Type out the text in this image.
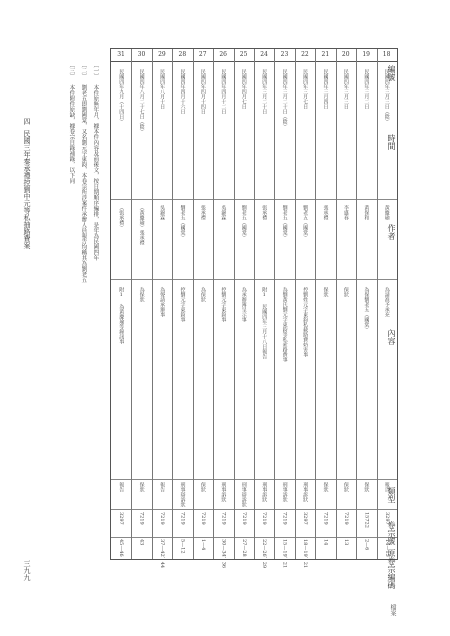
檔案
編號
時間
作者
內容
類型
卷宗號
原卷宗編碼
18
民國四年三月三日（陰）
黃慶瑜
為請准予承充
報告
3297
14—15
19
民國四年三月二日
黃保和
為保劉老五（國棠）
保狀
15722
2—6
20
民國四年三月三日
李盛春
保狀
保狀
7219
13
21
民國四年三月四日
張承禮
保狀
保狀
7219
14
22
民國四年三月七日
劉老五（國棠）
控劉姓元字東鈞私截路費妨害事
刑事訴狀
3297
18—19、21
23
民國四年三月二十日（陰）
劉老五（國棠）
為劉黃氏劉元字東鈞等私索路費事
刑事訴狀
7219
15—19、21
24
民國四年三月二十日
張承禮
附1 民國四年三月十八日報告
刑事訴狀
7219
22—26、29
25
民國四年四月七日
劉老五（國棠）
為承辦簿呈示事
刑事辯訴狀
7219
27—28
26
民國四年四月十二日
吳錦霖
控劉元字東鈞事
刑事訴狀
7219
30—34、36
27
民國四年四月十四日
張承禮
為保狀
保狀
7219
1—4
28
民國四年四月十六日
劉老五（國棠）
控劉元字東鈞事
刑事辯訴狀
7219
5—12
29
民國四年八月十日
吳錦霖
為聲請承辦事
報告
7219
37—42、44
30
民國四年八月二十七日（陰）
（黃慶瑜）張承禮
為保狀
保狀
7219
43
31
民國四年九月（十四日）
（張承禮）
附1 為黃慶瑜等錄訊事
報告
3297
45—46
〔一〕 本件原無年月，據本件內容及前後文，按日期順序編排，是年為民國四年
〔二〕 劉老五即劉國棠，又名劉元字東鈞，本卷宗所涉案件承辦人員報告均稱其為劉老五
〔三〕 本件附件原缺，據卷宗目錄補錄，以下同
四
民國三年秦承禮控劉中元等私抽路費案
三九九
